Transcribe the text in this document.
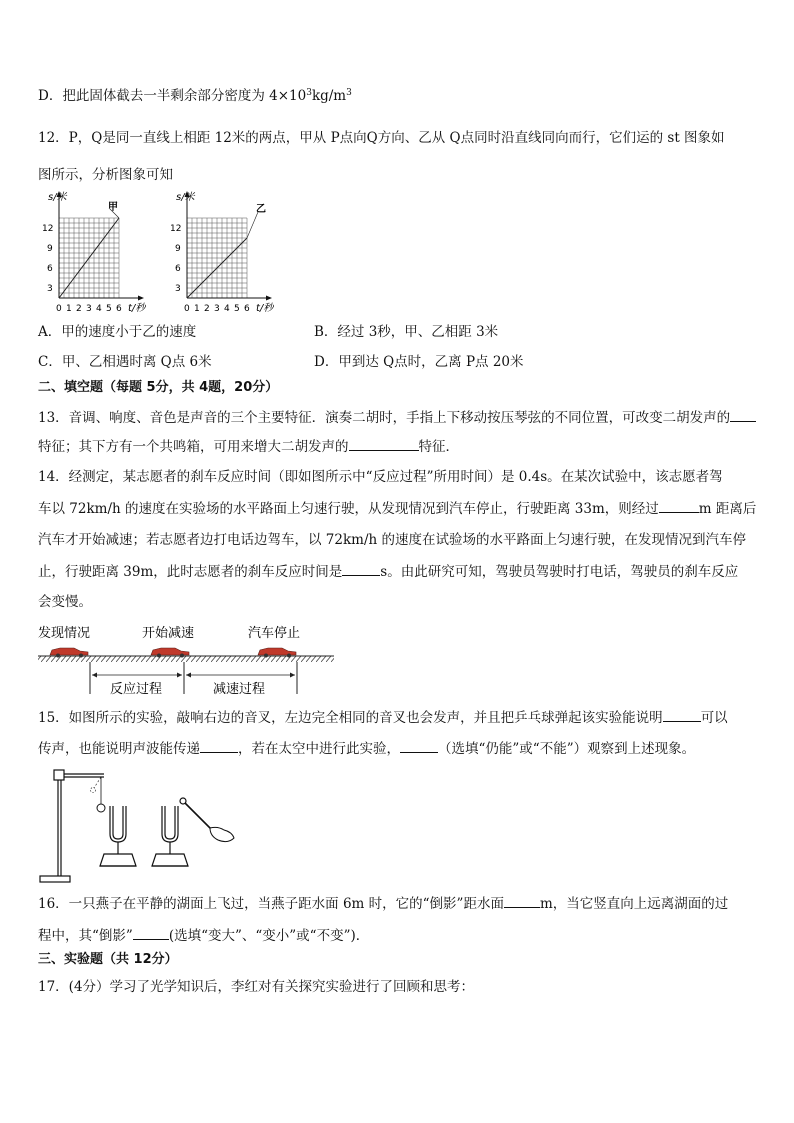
D．把此固体截去一半剩余部分密度为 $4\times 10^3kg/m^3$
12．P，Q是同一直线上相距 12米的两点，甲从 P点向Q方向、乙从 Q点同时沿直线同向而行，它们运的 st 图象如
图所示，分析图象可知
s/米
甲
12
9
6
3
0 1 2 3 4 5 6 t/秒
s/米
乙
12
9
6
3
0 1 2 3 4 5 6 t/秒
A．甲的速度小于乙的速度	B．经过 3秒，甲、乙相距 3米
C．甲、乙相遇时离 Q点 6米	D．甲到达 Q点时，乙离 P点 20米
二、填空题（每题 5分，共 4题，20分）
13．音调、响度、音色是声音的三个主要特征．演奏二胡时，手指上下移动按压琴弦的不同位置，可改变二胡发声的
特征；其下方有一个共鸣箱，可用来增大二胡发声的	特征．
14．经测定，某志愿者的刹车反应时间（即如图所示中“反应过程”所用时间）是 0.4s。在某次试验中，该志愿者驾
车以 72km/h 的速度在实验场的水平路面上匀速行驶，从发现情况到汽车停止，行驶距离 33m，则经过	m 距离后
汽车才开始减速；若志愿者边打电话边驾车，以 72km/h 的速度在试验场的水平路面上匀速行驶，在发现情况到汽车停
止，行驶距离 39m，此时志愿者的刹车反应时间是	s。由此研究可知，驾驶员驾驶时打电话，驾驶员的刹车反应
会变慢。
发现情况	开始减速	汽车停止
反应过程	减速过程
15．如图所示的实验，敲响右边的音叉，左边完全相同的音叉也会发声，并且把乒乓球弹起该实验能说明	可以
传声，也能说明声波能传递	，若在太空中进行此实验，	（选填“仍能”或“不能”）观察到上述现象。
16．一只燕子在平静的湖面上飞过，当燕子距水面 6m 时，它的“倒影”距水面	m，当它竖直向上远离湖面的过
程中，其“倒影”	(选填“变大”、“变小”或“不变”)．
三、实验题（共 12分）
17．(4分）学习了光学知识后，李红对有关探究实验进行了回顾和思考：
